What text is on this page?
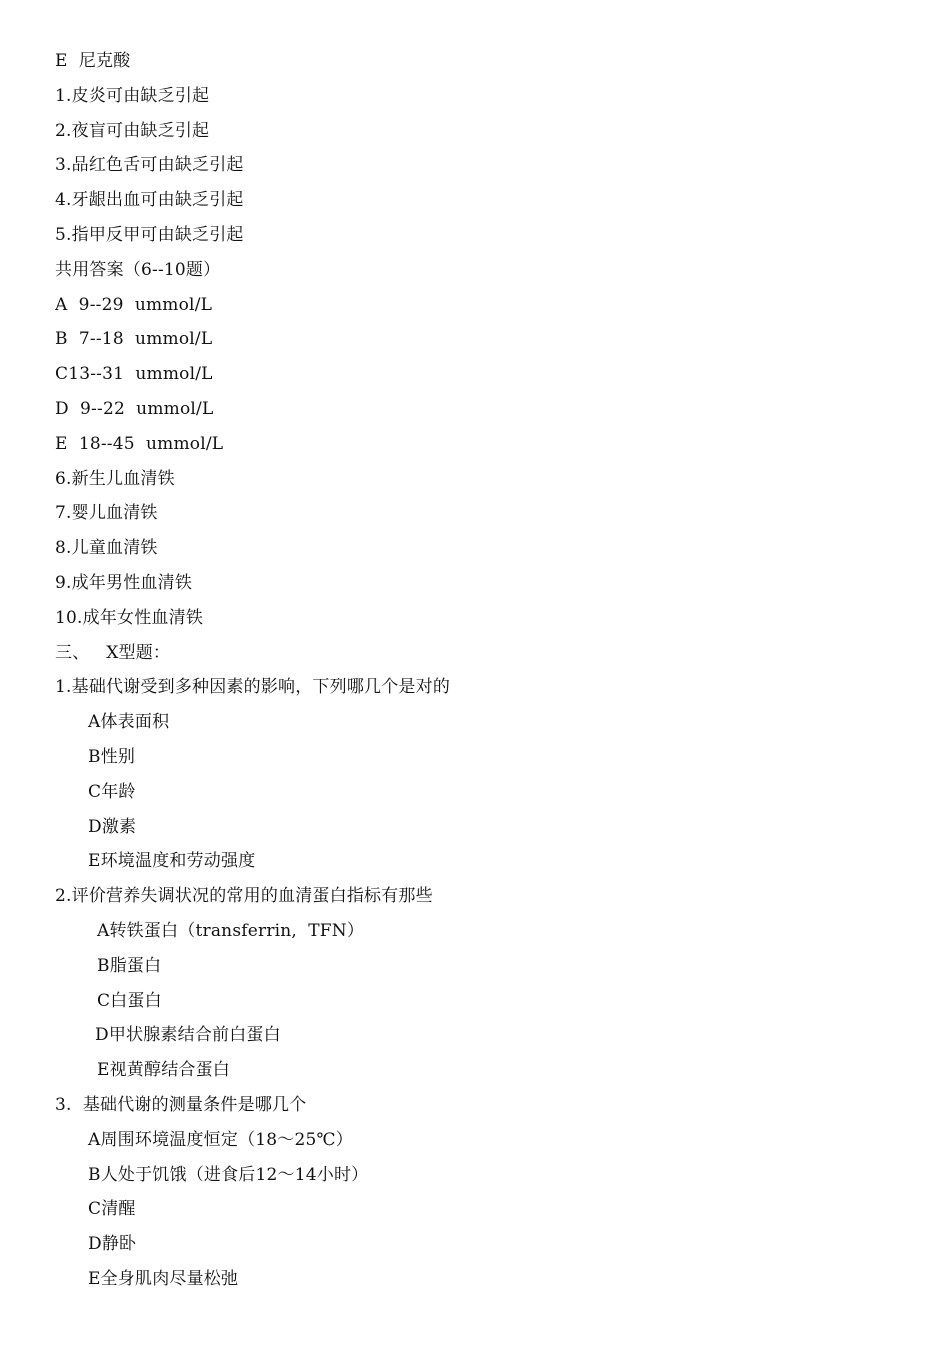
E  尼克酸
1.皮炎可由缺乏引起
2.夜盲可由缺乏引起
3.品红色舌可由缺乏引起
4.牙龈出血可由缺乏引起
5.指甲反甲可由缺乏引起
共用答案（6--10题）
A  9--29  ummol/L
B  7--18  ummol/L
C13--31  ummol/L
D  9--22  ummol/L
E  18--45  ummol/L
6.新生儿血清铁
7.婴儿血清铁
8.儿童血清铁
9.成年男性血清铁
10.成年女性血清铁
三、   X型题：
1.基础代谢受到多种因素的影响，下列哪几个是对的
A体表面积
B性别
C年龄
D激素
E环境温度和劳动强度
2.评价营养失调状况的常用的血清蛋白指标有那些
A转铁蛋白（transferrin,  TFN）
B脂蛋白
C白蛋白
D甲状腺素结合前白蛋白
E视黄醇结合蛋白
3.  基础代谢的测量条件是哪几个
A周围环境温度恒定（18～25℃）
B人处于饥饿（进食后12～14小时）
C清醒
D静卧
E全身肌肉尽量松弛
